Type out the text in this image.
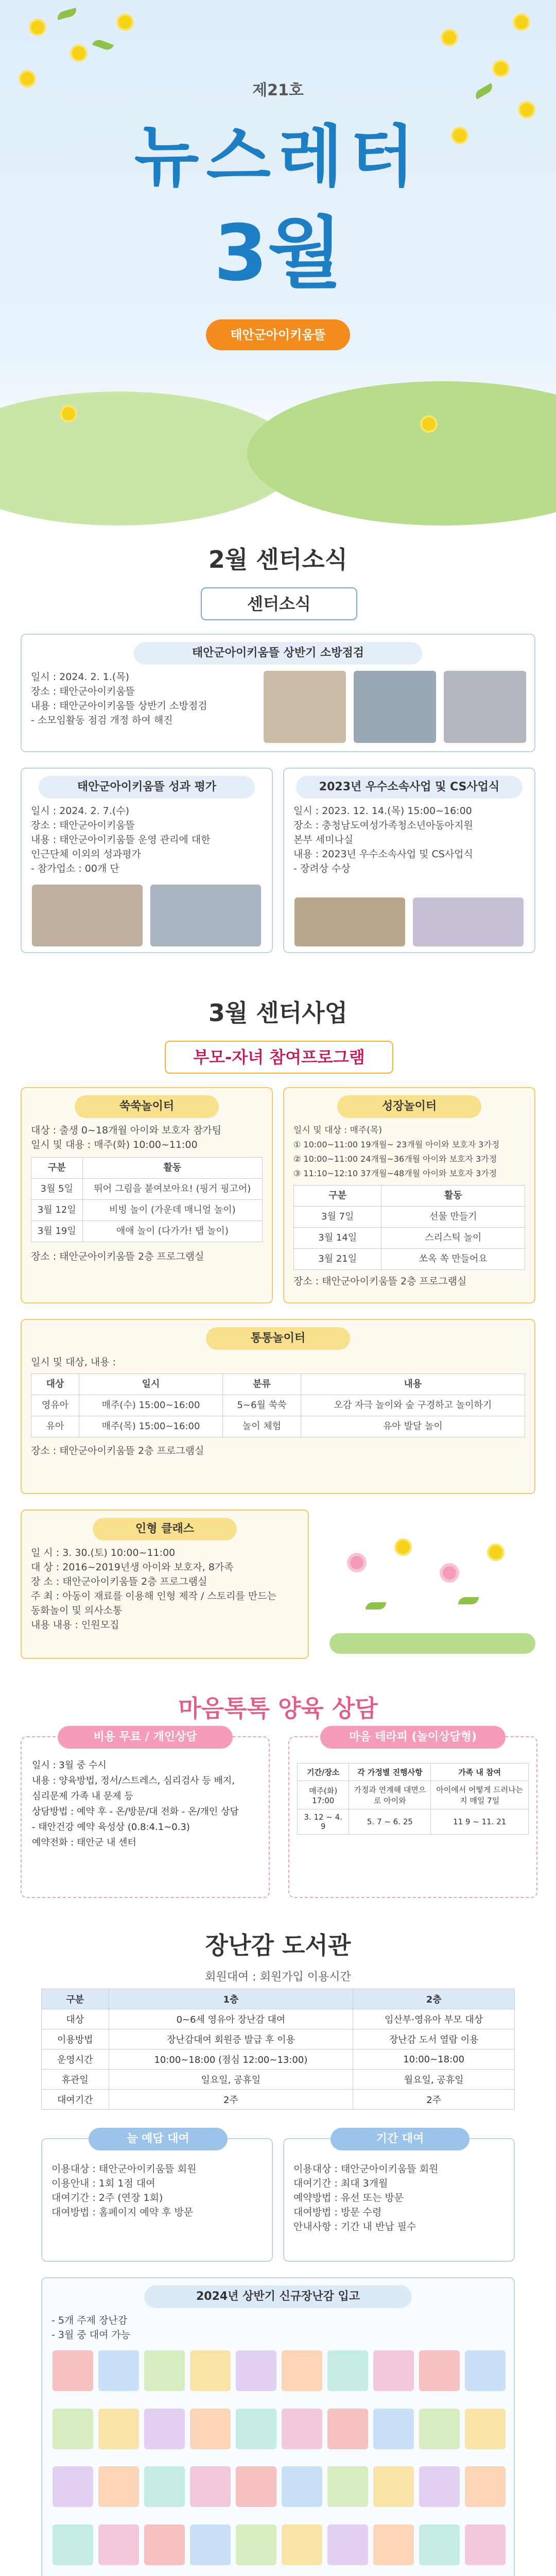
제21호
뉴스레터
3월
태안군아이키움뜰
2월 센터소식
센터소식
태안군아이키움뜰 상반기 소방점검
일시 : 2024. 2. 1.(목)
장소 : 태안군아이키움뜰
내용 : 태안군아이키움뜰 상반기 소방점검
- 소모임활동 점검 개정 하여 해진
태안군아이키움뜰 성과 평가
일시 : 2024. 2. 7.(수)
장소 : 태안군아이키움뜰
내용 : 태안군아이키움뜰 운영 관리에 대한
인근단체 이외의 성과평가
- 참가업소 : 00개 단
2023년 우수소속사업 및 CS사업식
일시 : 2023. 12. 14.(목) 15:00~16:00
장소 : 충청남도여성가족청소년아동아지원
본부 세미나실
내용 : 2023년 우수소속사업 및 CS사업식
- 장려상 수상
3월 센터사업
부모-자녀 참여프로그램
쑥쑥놀이터
대상 : 출생 0~18개월 아이와 보호자 참가팀
일시 및 대용 : 매주(화) 10:00~11:00
구분	활동
3월 5일	뛰어 그림을 붙여보아요! (핑거 핑고어)
3월 12일	비빙 놀이 (가운데 매니얼 놀이)
3월 19일	애애 놀이 (다가가! 탭 놀이)
장소 : 태안군아이키움뜰 2층 프로그램실
성장놀이터
일시 및 대상 : 매주(목)
① 10:00~11:00 19개월~ 23개월 아이와 보호자 3가정
② 10:00~11:00 24개월~36개월 아이와 보호자 3가정
③ 11:10~12:10 37개월~48개월 아이와 보호자 3가정
구분	활동
3월 7일	선물 만들기
3월 14일	스리스틱 놀이
3월 21일	쏘옥 쏙 만들어요
장소 : 태안군아이키움뜰 2층 프로그램실
통통놀이터
일시 및 대상, 내용 :
대상	일시	분류	내용
영유아	매주(수) 15:00~16:00	5~6월 쑥쑥	오감 자극 놀이와 숲 구경하고 놀이하기
유아	매주(목) 15:00~16:00	놀이 체험	유아 발달 놀이
장소 : 태안군아이키움뜰 2층 프로그램실
인형 클래스
일 시 : 3. 30.(토) 10:00~11:00
대 상 : 2016~2019년생 아이와 보호자, 8가족
장 소 : 태안군아이키움뜰 2층 프로그램실
주 최 : 아동이 재료를 이용해 인형 제작 / 스토리를 만드는
동화놀이 및 의사소통
내용 내용 : 인원모집
마음톡톡 양육 상담
비용 무료 / 개인상담
일시 : 3월 중 수시
내용 : 양육방법, 정서/스트레스, 심리검사 등 배지,
심리문제 가족 내 문제 등
상담방법 : 예약 후 - 온/방문/대 전화 - 온/개인 상담
- 태안건강 예약 육성상 (0.8:4.1~0.3)
예약전화 : 태안군 내 센터
마음 테라피 (놀이상담형)
기간/장소	각 가정별 진행사항	가족 내 참여
매주(화) 17:00	가정과 연계해 대면으로 아이와	아이에서 어떻게 드러나는지 매일 7일
3. 12 ~ 4. 9	5. 7 ~ 6. 25	11 9 ~ 11. 21
장난감 도서관
회원대여 : 회원가입 이용시간
구분	1층	2층
대상	0~6세 영유아 장난감 대여	임산부·영유아 부모 대상
이용방법	장난감대여 회원증 발급 후 이용	장난감 도서 열람 이용
운영시간	10:00~18:00 (점심 12:00~13:00)	10:00~18:00
휴관일	일요일, 공휴일	월요일, 공휴일
대여기간	2주	2주
늘 예답 대여
이용대상 : 태안군아이키움뜰 회원
이용안내 : 1회 1점 대여
대여기간 : 2주 (연장 1회)
대여방법 : 홈페이지 예약 후 방문
기간 대여
이용대상 : 태안군아이키움뜰 회원
대여기간 : 최대 3개월
예약방법 : 유선 또는 방문
대여방법 : 방문 수령
안내사항 : 기간 내 반납 필수
2024년 상반기 신규장난감 입고
- 5개 주제 장난감
- 3월 중 대여 가능
